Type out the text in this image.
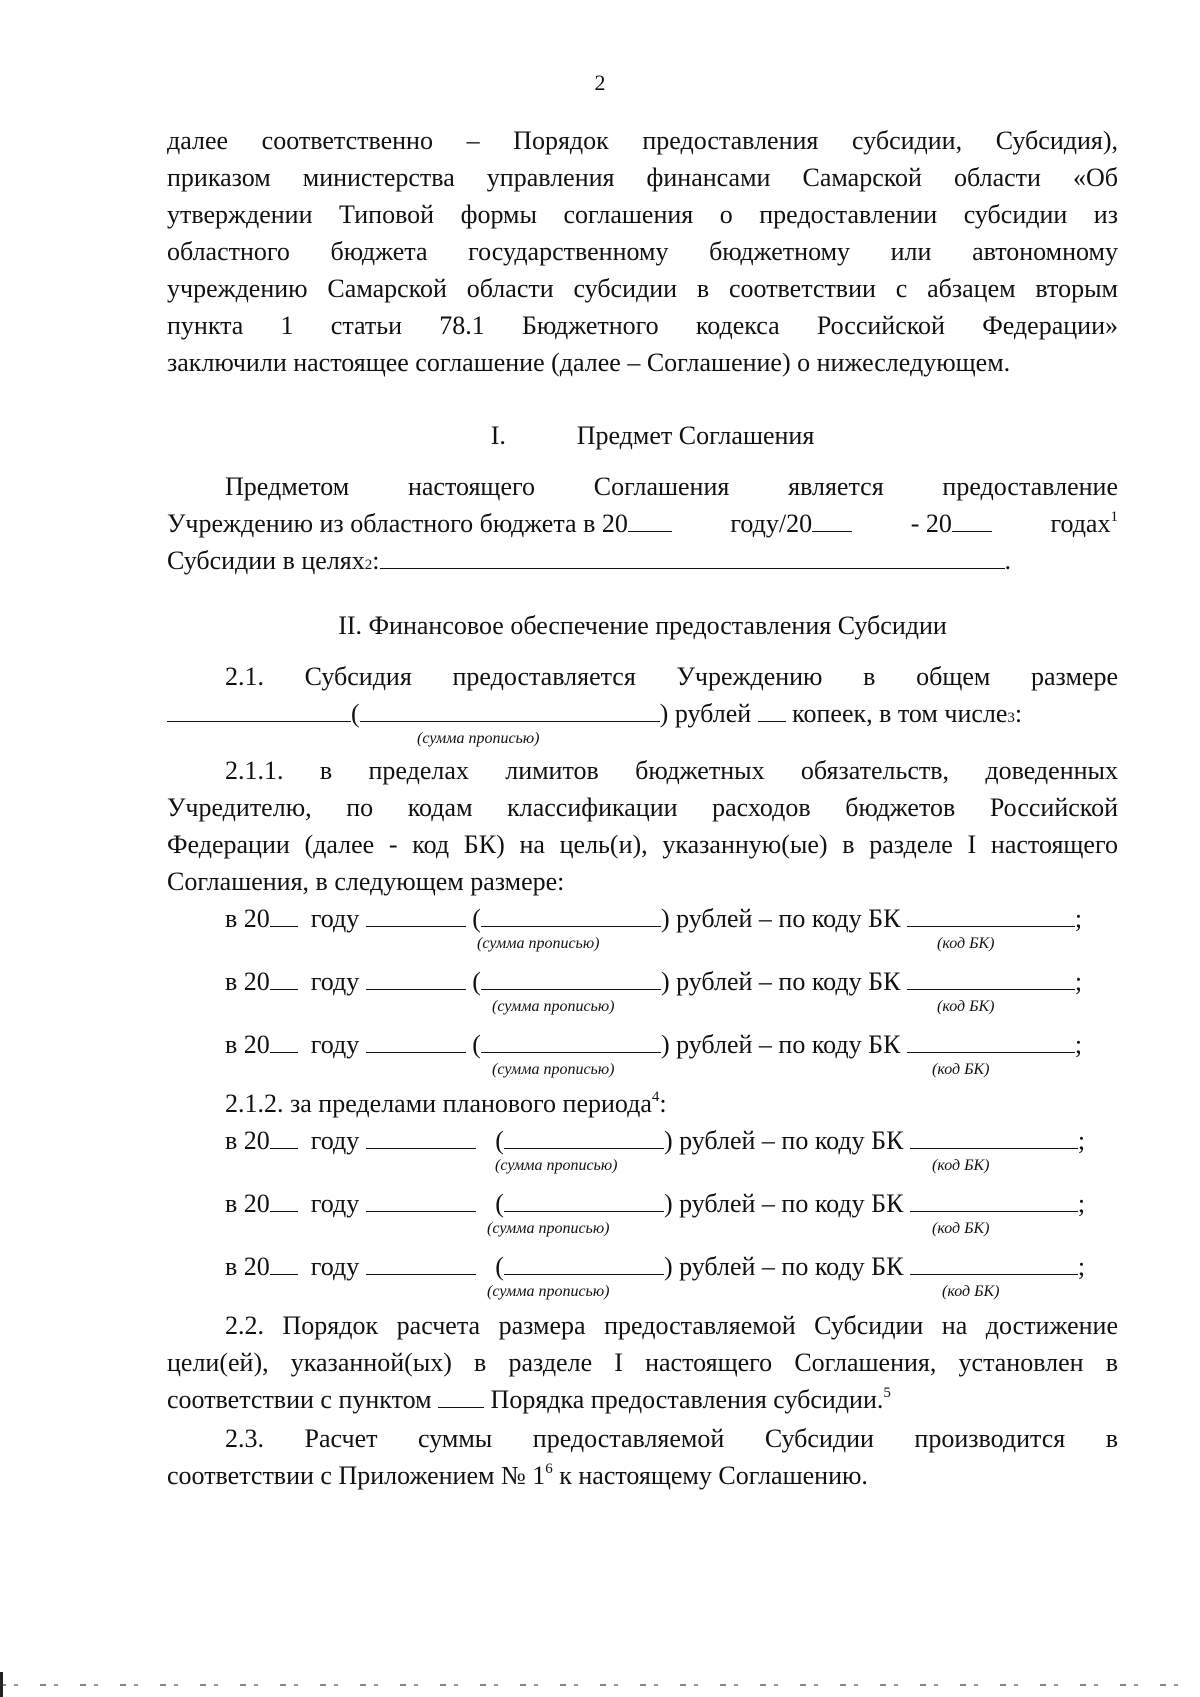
2

далее соответственно – Порядок предоставления субсидии, Субсидия),

приказом министерства управления финансами Самарской области «Об

утверждении Типовой формы соглашения о предоставлении субсидии из

областного бюджета государственному бюджетному или автономному

учреждению Самарской области субсидии в соответствии с абзацем вторым

пункта 1 статьи 78.1 Бюджетного кодекса Российской Федерации»

заключили настоящее соглашение (далее – Соглашение) о нижеследующем.

I.	Предмет Соглашения

Предметом настоящего Соглашения является предоставление

Учреждению из областного бюджета в 20	году/20	- 20	годах$^1$
Субсидии в целях 2 :	.

II. Финансовое обеспечение предоставления Субсидии

2.1. Субсидия предоставляется Учреждению в общем размере

(	)
рублей

копеек, в том числе 3 :
(сумма прописью)

2.1.1. в пределах лимитов бюджетных обязательств, доведенных

Учредителю, по кодам классификации расходов бюджетов Российской

Федерации (далее - код БК) на цель(и), указанную(ые) в разделе I настоящего

Соглашения, в следующем размере:

в 20
году

	(	) рублей – по коду БК
	;
(сумма прописью)	(код БК)
в 20
году

	(	) рублей – по коду БК
	;
(сумма прописью)	(код БК)
в 20
году

	(	) рублей – по коду БК
	;
(сумма прописью)	(код БК)

2.1.2. за пределами планового периода$^4$:

в 20
году

	(	) рублей – по коду БК
	;
(сумма прописью)	(код БК)
в 20
году

	(	) рублей – по коду БК
	;
(сумма прописью)	(код БК)
в 20
году

	(	) рублей – по коду БК
	;
(сумма прописью)	(код БК)

2.2. Порядок расчета размера предоставляемой Субсидии на достижение

цели(ей), указанной(ых) в разделе I настоящего Соглашения, установлен в

соответствии с пунктом Порядка предоставления субсидии.$^5$

2.3. Расчет суммы предоставляемой Субсидии производится в

соответствии с Приложением № $1^6$ к настоящему Соглашению.
